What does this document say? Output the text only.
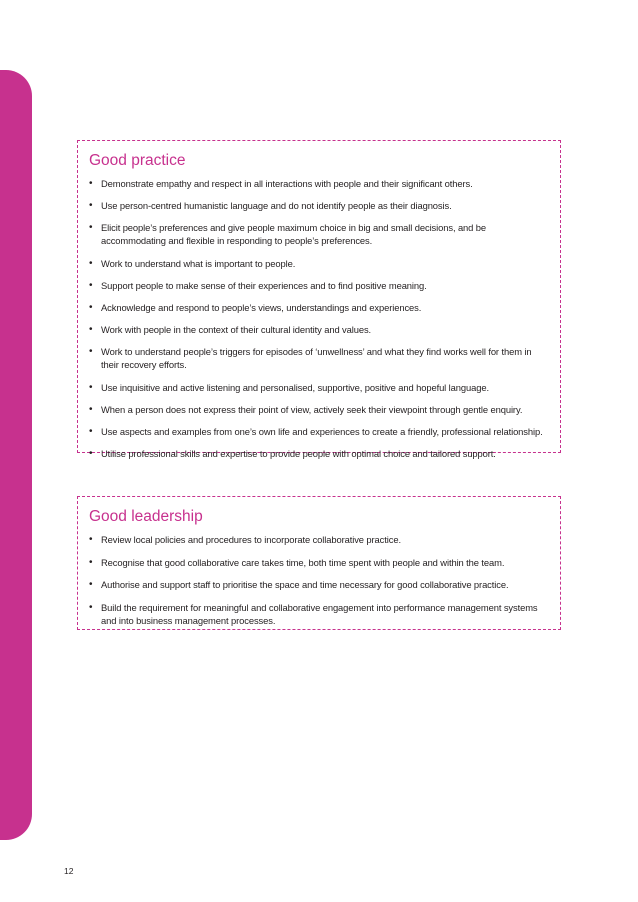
Good practice
• Demonstrate empathy and respect in all interactions with people and their significant others.
• Use person-centred humanistic language and do not identify people as their diagnosis.
• Elicit people’s preferences and give people maximum choice in big and small decisions, and be accommodating and flexible in responding to people’s preferences.
• Work to understand what is important to people.
• Support people to make sense of their experiences and to find positive meaning.
• Acknowledge and respond to people’s views, understandings and experiences.
• Work with people in the context of their cultural identity and values.
• Work to understand people’s triggers for episodes of ‘unwellness’ and what they find works well for them in their recovery efforts.
• Use inquisitive and active listening and personalised, supportive, positive and hopeful language.
• When a person does not express their point of view, actively seek their viewpoint through gentle enquiry.
• Use aspects and examples from one’s own life and experiences to create a friendly, professional relationship.
• Utilise professional skills and expertise to provide people with optimal choice and tailored support.
Good leadership
• Review local policies and procedures to incorporate collaborative practice.
• Recognise that good collaborative care takes time, both time spent with people and within the team.
• Authorise and support staff to prioritise the space and time necessary for good collaborative practice.
• Build the requirement for meaningful and collaborative engagement into performance management systems and into business management processes.
12
